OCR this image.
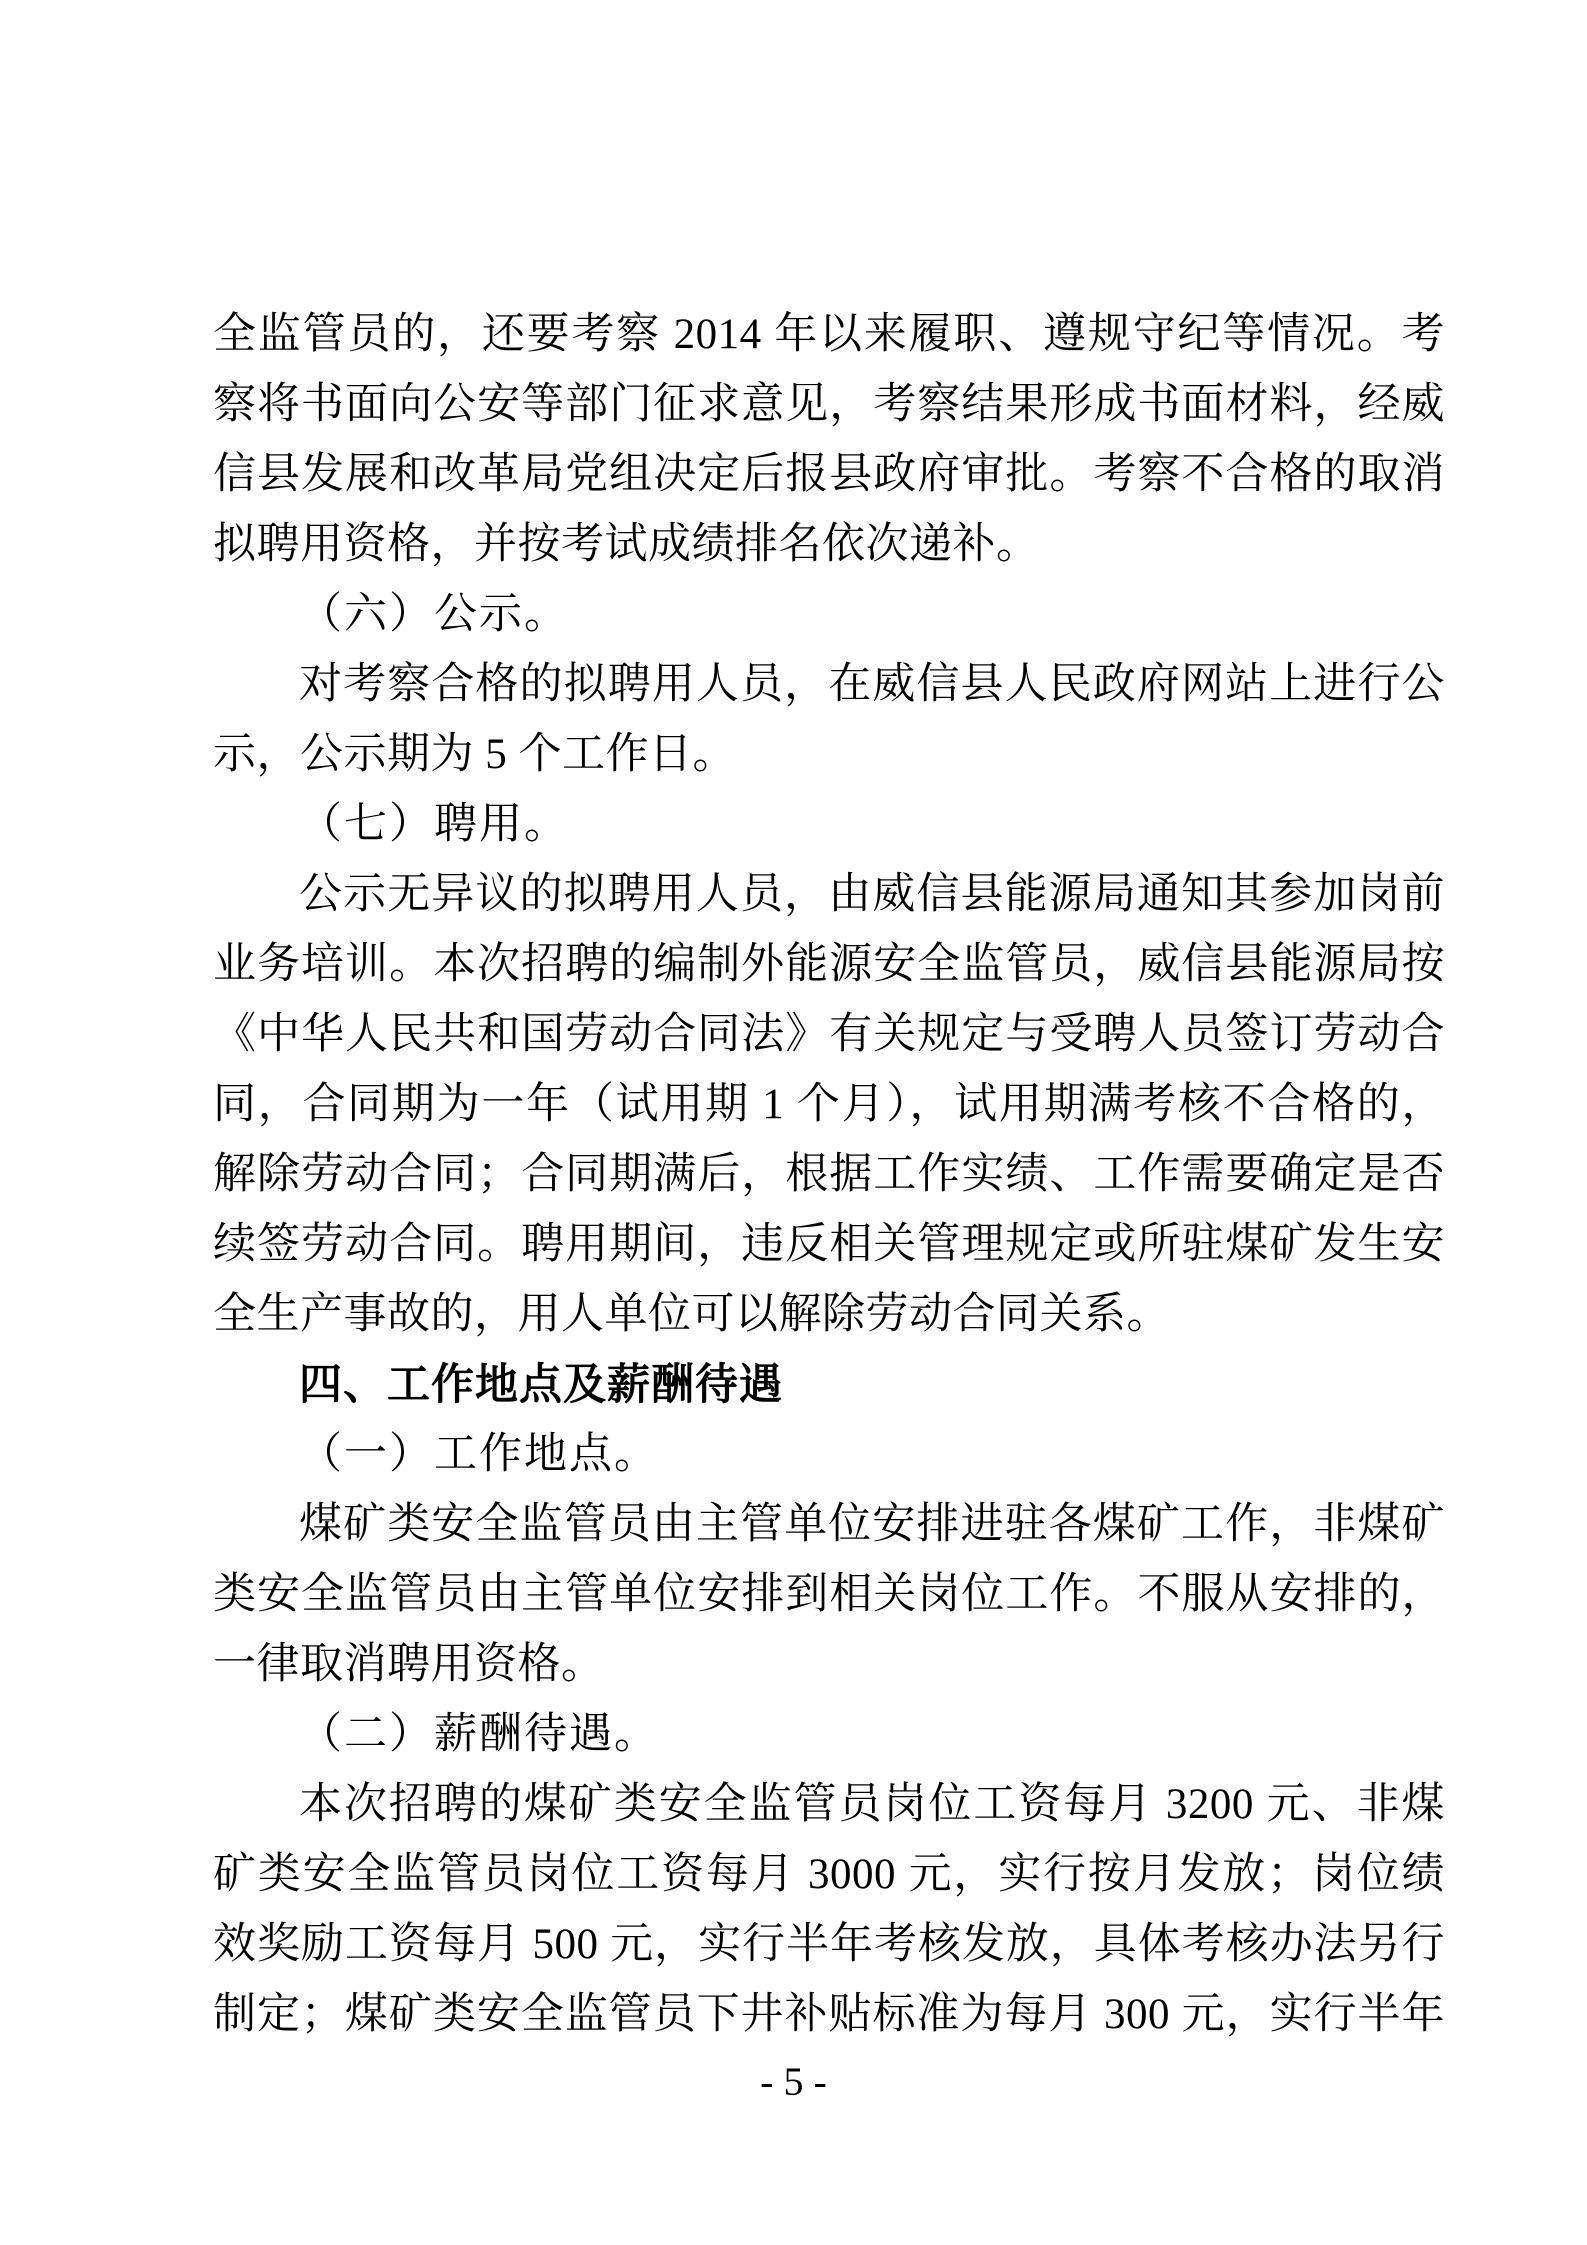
全监管员的，还要考察 2014 年以来履职、遵规守纪等情况。考
察将书面向公安等部门征求意见，考察结果形成书面材料，经威
信县发展和改革局党组决定后报县政府审批。考察不合格的取消
拟聘用资格，并按考试成绩排名依次递补。
（六）公示。
对考察合格的拟聘用人员，在威信县人民政府网站上进行公
示，公示期为 5 个工作日。
（七）聘用。
公示无异议的拟聘用人员，由威信县能源局通知其参加岗前
业务培训。本次招聘的编制外能源安全监管员，威信县能源局按
《中华人民共和国劳动合同法》有关规定与受聘人员签订劳动合
同，合同期为一年（试用期 1 个月），试用期满考核不合格的，
解除劳动合同；合同期满后，根据工作实绩、工作需要确定是否
续签劳动合同。聘用期间，违反相关管理规定或所驻煤矿发生安
全生产事故的，用人单位可以解除劳动合同关系。
四、工作地点及薪酬待遇
（一）工作地点。
煤矿类安全监管员由主管单位安排进驻各煤矿工作，非煤矿
类安全监管员由主管单位安排到相关岗位工作。不服从安排的，
一律取消聘用资格。
（二）薪酬待遇。
本次招聘的煤矿类安全监管员岗位工资每月 3200 元、非煤
矿类安全监管员岗位工资每月 3000 元，实行按月发放；岗位绩
效奖励工资每月 500 元，实行半年考核发放，具体考核办法另行
制定；煤矿类安全监管员下井补贴标准为每月 300 元，实行半年
- 5 -
